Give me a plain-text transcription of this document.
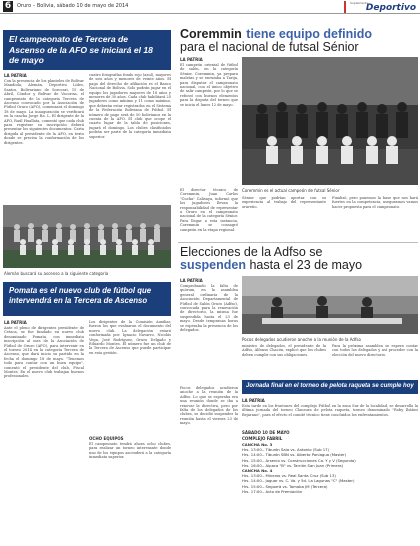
6	Oruro – Bolivia, sábado 10 de mayo de 2014	Suplemento
Deportivo
El campeonato de Tercera de Ascenso de la AFO se iniciará el 18 de mayo
LA PATRIA
Con la presencia de los planteles de Bolívar Mandiola, Alemán, Deportivo Lídes, Santos, Bolivariano de Sorocari, 15 de Abril, Cóndor y Bolívar de Vacorisa, el campeonato de la categoría Tercera de Ascenso convocado por la Asociación de Fútbol Oruro (AFO), comenzará el domingo 18 de mayo. La inauguración se verificará en la cancha Jorge Ra. L. El dirigente de la AFO, Raúl Huallata, comentó que cada club para registrar su inscripción deberá presentar los siguientes documentos: Carta dirigida al presidente de la AFO, en texto donde se precisa la conformación de los dirigentes.
cuatro fotografías fondo rojo (azul), mayores de seis años y menores de veinte años. El pago del derecho de afiliación es el Banco Nacional de Bolivia. Solo podrán jugar en el equipo los jugadores mayores de 18 años y menores de 30 años. Cada club habilitará 25 jugadores como mínimo y 11 como máximo, que deberán estar registrados en el Sistema de la Federación Boliviana de Fútbol. El número de pago será de 50 bolivianos en la cuenta de la AFO. El club que ocupe el cuarto lugar de la tabla de posiciones, jugará el domingo. Los clubes clasificados podrán ser parte de la categoría inmediata superior.
Alemán buscará su ascenso a la siguiente categoría
Coremmin tiene equipo definido
para el nacional de futsal Sénior
LA PATRIA
El campeón oriental de fútbol de salón, en la categoría Sénior, Coremmin, ya prepara maletas y se enrumba a Tarija, para disputar el campeonato nacional, con el único objetivo de salir campeón, por lo que se reforzó con buenos elementos para la disputa del torneo que se inicia el lunes 12 de mayo.
Coremmin es el actual campeón de futsal Sénior
El director técnico de Coremmin, Juan Carlos "Cucha" Calisaya, informó que los jugadores llevan la responsabilidad de representar a Oruro en el campeonato nacional de la categoría Sénior. Para llegar a esta instancia, Coremmin se consagró campeón en la etapa regional.
Sénior que podrían aportar con su experiencia al trabajo del representante orureño.
Finalizó, pero ponemos la base que nos hará fuertes en la competencia, aseguramos vamos hacer propuesta para el campeonato.
Pomata es el nuevo club de fútbol que intervendrá en la Tercera de Ascenso
LA PATRIA
Ante el pleno de dirigentes presidente de Cetaca, se fue fundado en nuevo club denominado Pomata, con inmediata inscripción al mes de la Asociación de Fútbol de Oruro (AFO), para intervenir en el torneo 2014 en la categoría Tercera de Ascenso, que dará inicio su partido en la fecha el domingo 18 de mayo. "Tenemos todo para contar con un buen equipo", comentó el presidente del club, Fiscal Montes. En el nuevo club trabajan buenos profesionales.
Los dirigentes de la Comisión Auxiliar, fueron los que evaluaron el documento del nuevo club. La delegación estará conformada por: Ignacio Navarro, Nicolás Vega, José Rodríguez, Oruro Delgado y Eduardo Montes. El número fue un club de la Tercera de Ascenso que puede participar en esta gestión.
OCHO EQUIPOS
El campeonato tendrá ahora ocho clubes, para realizar un torneo interesante donde uno de los equipos ascenderá a la categoría inmediata superior.
Elecciones de la Adfso se
suspenden hasta el 23 de mayo
LA PATRIA
Comprobando la falta de quórum, en la asamblea general ordinaria de la Asociación Departamental de Fútbol de Salón Oruro (Adfso), convocada para la renovación de directorio, la misma fue suspendida hasta el 23 de mayo. Desde tempranas horas se esperaba la presencia de los delegados.
Pocos delegados acudieron anoche a la reunión de la Adfso
Pocos delegados acudieron anoche a la reunión de la Adfso. Lo que se esperaba era una reunión donde se iba a renovar la directiva, pero por falta de los delegados de los clubes, se decidió suspender la reunión hasta el viernes 23 de mayo.
ministro de delegados, el presidente de la Adfso, Alfonso Chacón, explicó que los clubes deben cumplir con sus obligaciones.
Para la próxima asamblea se espera contar con todos los delegados y así proceder con la elección del nuevo directorio.
Jornada final en el torneo de pelota raqueta se cumple hoy
LA PATRIA
Esta tarde en los frontones del complejo Fútbol en la zona Sur de la localidad, se desarrolla la última jornada del torneo Clausura de pelota raqueta, torneo denominado "Roby Ibáñez Bejarano", para el efecto el comité técnico tiene concluidos los enfrentamientos.
SÁBADO 10 DE MAYO
COMPLEJO FABRIL
CANCHA No. 3
Hrs. 13:00.- Tiburón Sala vs. Antonio (Sub 17)
Hrs. 14:00.- Tiburón SBN vs. Alberto Paniagua (Master)
Hrs. 15:00.- Arsenio vs. Construcciones Co. Y y V (Segunda)
Hrs. 16:00.- Alpaca "B" vs. Tarrión San Juan (Primera)
CANCHA No. 4
Hrs. 13:00.- Mineros vs. Real Santa Cruz (Sub 13)
Hrs. 14:00.- Jaguar vs. C. Va. y 5d. La Lagunas "C" (Master)
Hrs. 15:00.- Seguerà vs. Tomoba JM (Tercera)
Hrs. 17:00.- Acto de Premiación
